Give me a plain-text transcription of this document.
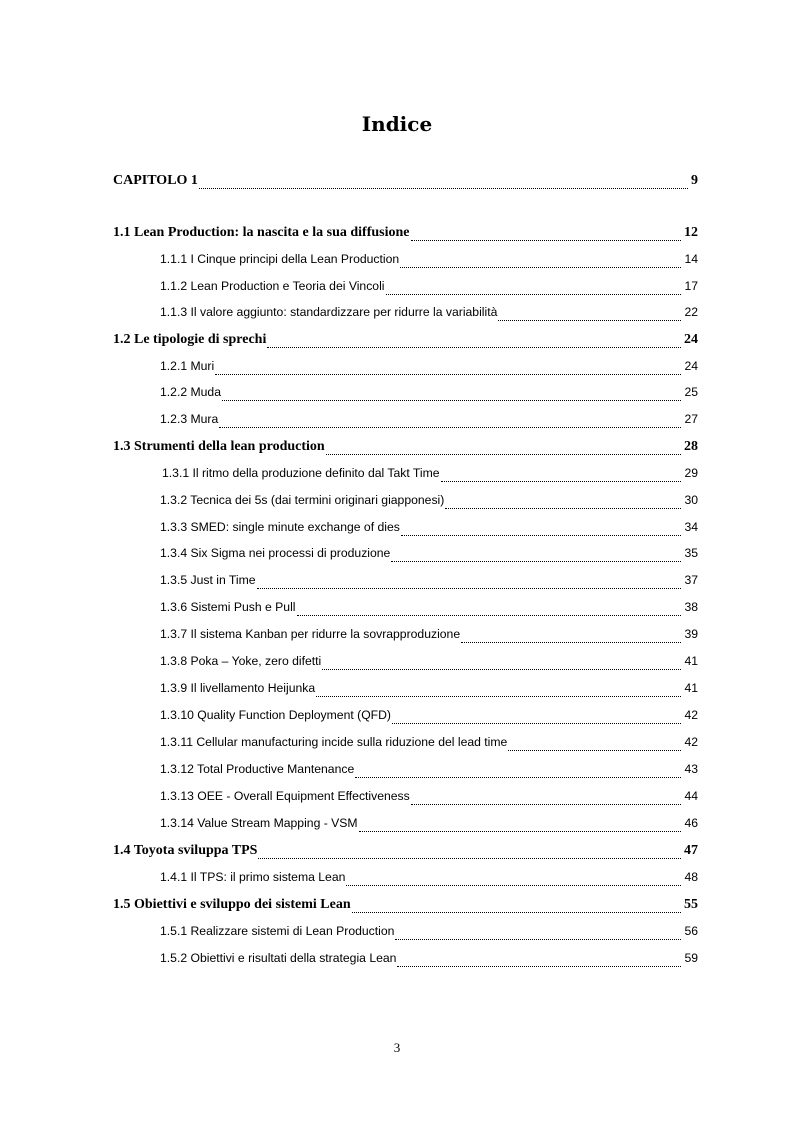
Indice
CAPITOLO 1	9
1.1 Lean Production: la nascita e la sua diffusione	12
1.1.1 I Cinque principi della Lean Production	14
1.1.2 Lean Production e Teoria dei Vincoli	17
1.1.3 Il valore aggiunto: standardizzare per ridurre la variabilità	22
1.2 Le tipologie di sprechi	24
1.2.1 Muri	24
1.2.2 Muda	25
1.2.3 Mura	27
1.3 Strumenti della lean production	28
1.3.1 Il ritmo della produzione definito dal Takt Time	29
1.3.2 Tecnica dei 5s (dai termini originari giapponesi)	30
1.3.3 SMED: single minute exchange of dies	34
1.3.4 Six Sigma nei processi di produzione	35
1.3.5 Just in Time	37
1.3.6 Sistemi Push e Pull	38
1.3.7 Il sistema Kanban per ridurre la sovrapproduzione	39
1.3.8 Poka – Yoke, zero difetti	41
1.3.9 Il livellamento Heijunka	41
1.3.10 Quality Function Deployment (QFD)	42
1.3.11 Cellular manufacturing incide sulla riduzione del lead time	42
1.3.12 Total Productive Mantenance	43
1.3.13 OEE - Overall Equipment Effectiveness	44
1.3.14 Value Stream Mapping - VSM	46
1.4 Toyota sviluppa TPS	47
1.4.1 Il TPS: il primo sistema Lean	48
1.5 Obiettivi e sviluppo dei sistemi Lean	55
1.5.1 Realizzare sistemi di Lean Production	56
1.5.2 Obiettivi e risultati della strategia Lean	59
3
